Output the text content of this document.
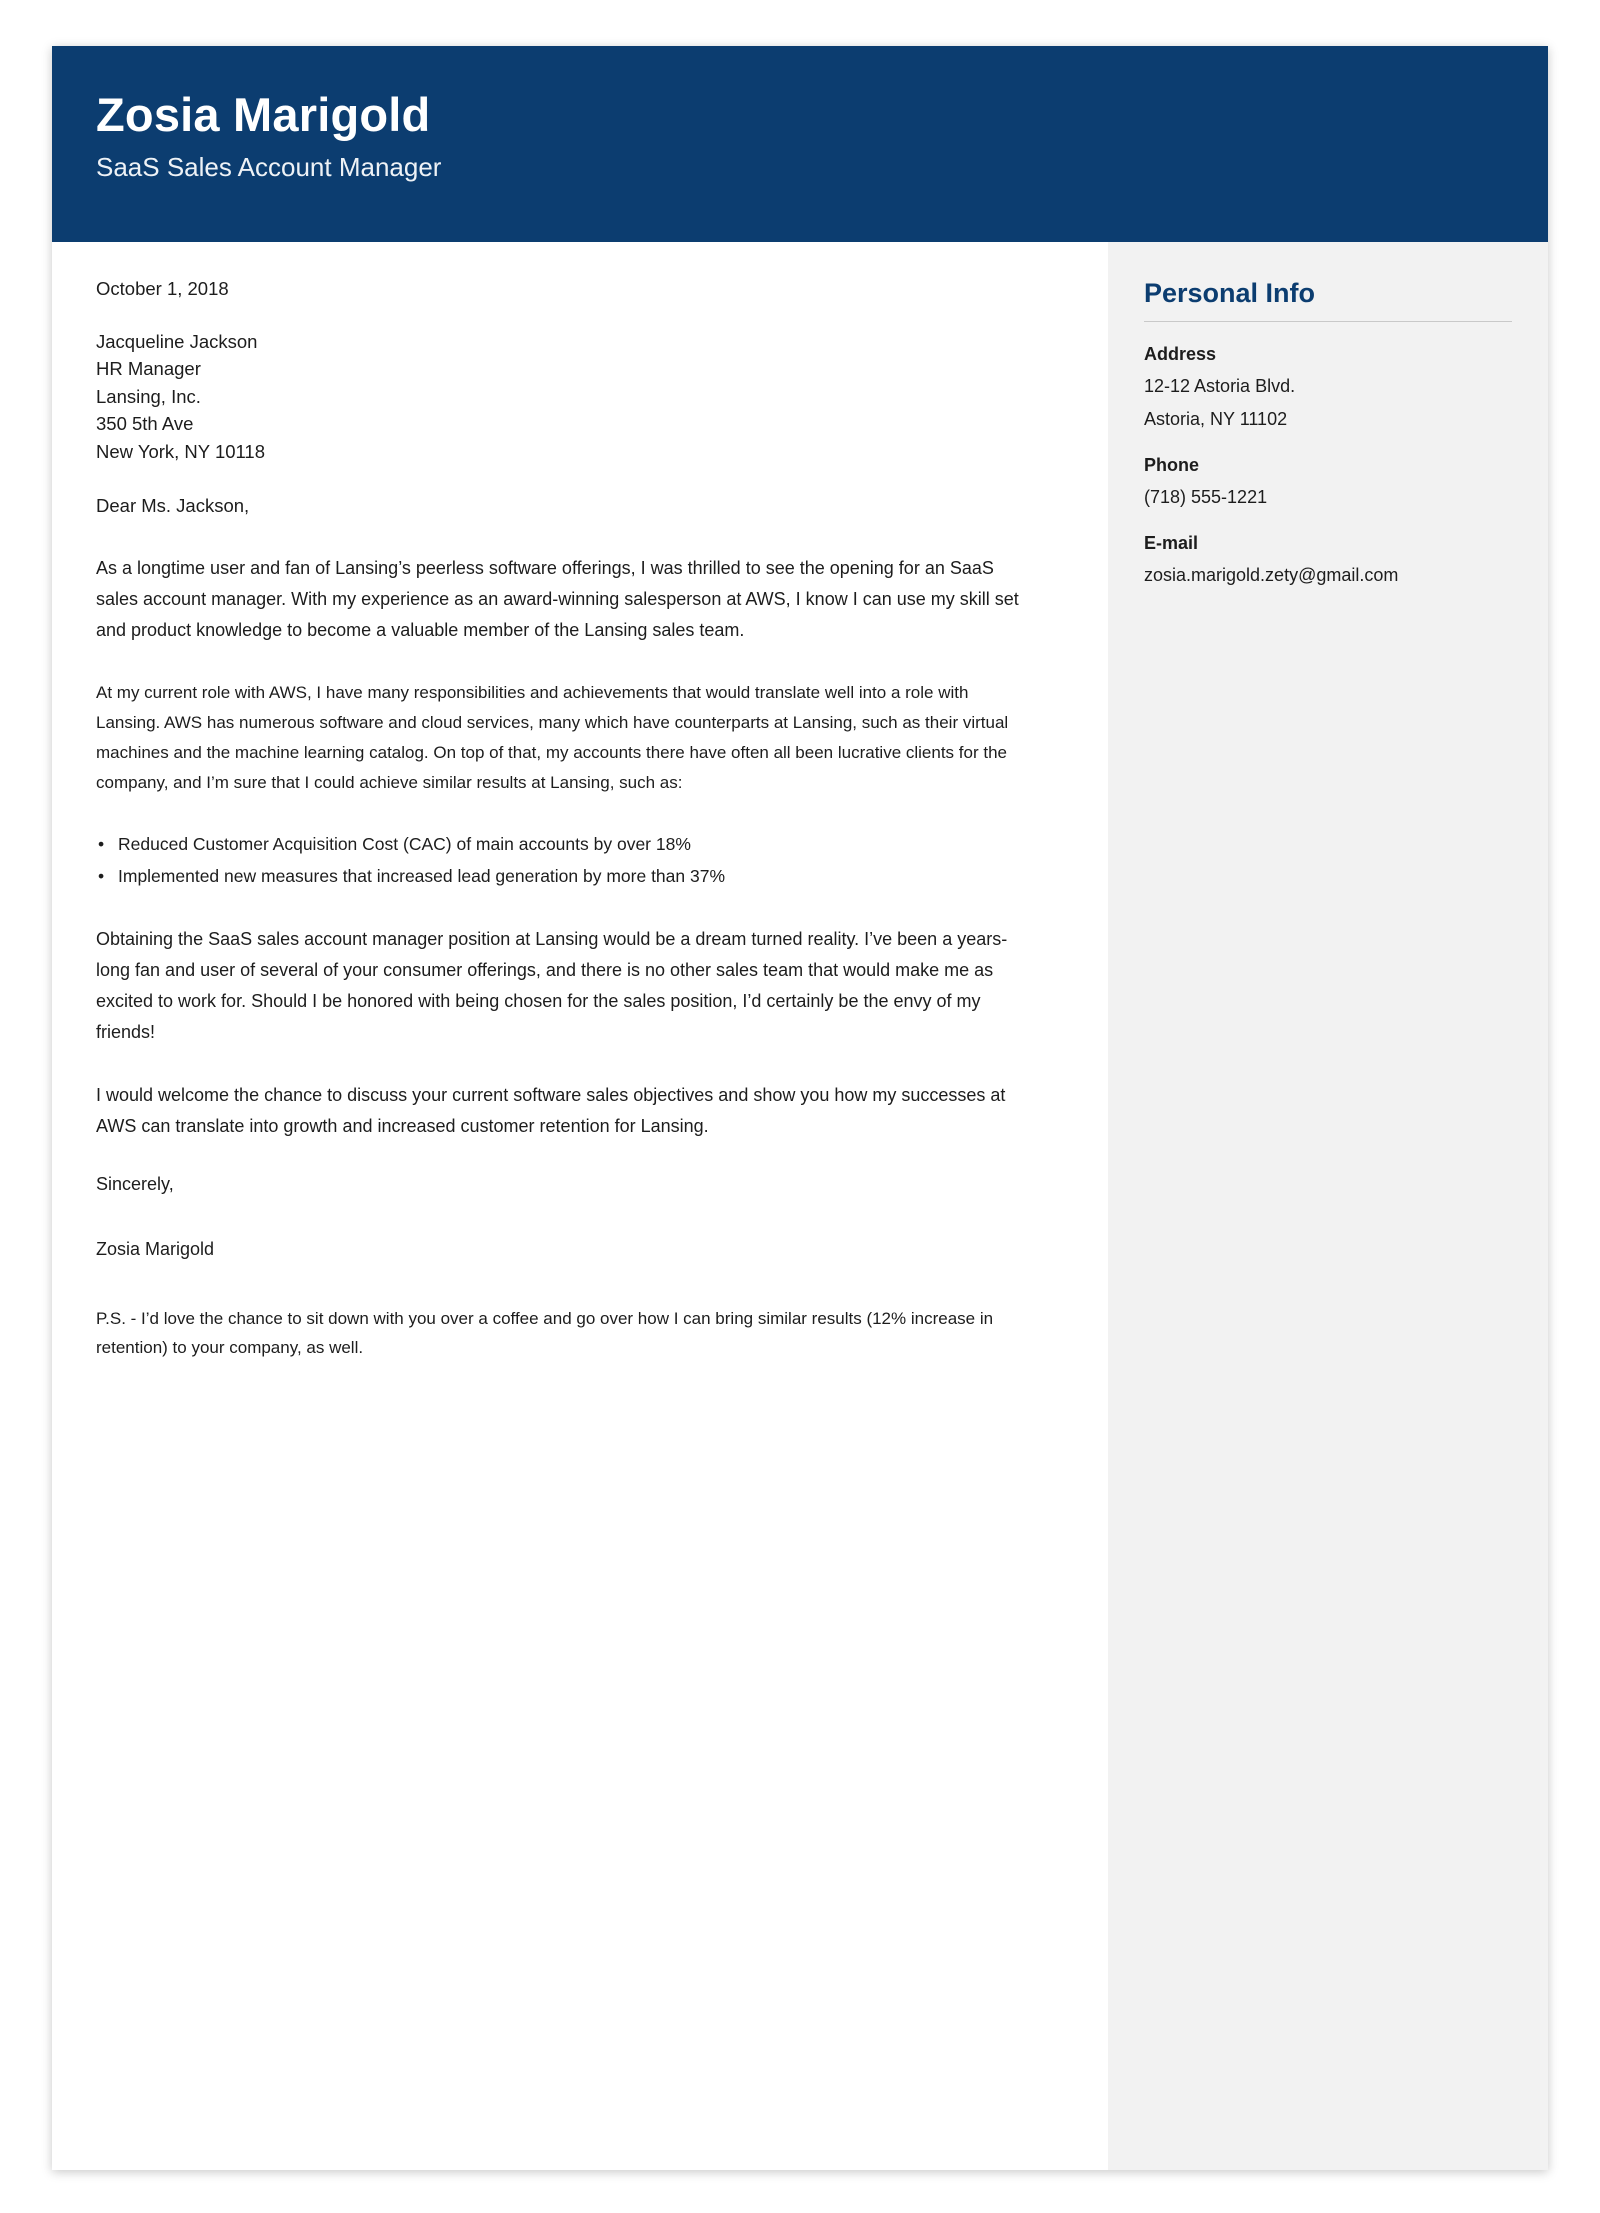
Zosia Marigold
SaaS Sales Account Manager
October 1, 2018
Jacqueline Jackson
HR Manager
Lansing, Inc.
350 5th Ave
New York, NY 10118
Dear Ms. Jackson,

As a longtime user and fan of Lansing’s peerless software offerings, I was thrilled to see the opening for an SaaS sales account manager. With my experience as an award-winning salesperson at AWS, I know I can use my skill set and product knowledge to become a valuable member of the Lansing sales team.

At my current role with AWS, I have many responsibilities and achievements that would translate well into a role with Lansing. AWS has numerous software and cloud services, many which have counterparts at Lansing, such as their virtual machines and the machine learning catalog. On top of that, my accounts there have often all been lucrative clients for the company, and I’m sure that I could achieve similar results at Lansing, such as:

• Reduced Customer Acquisition Cost (CAC) of main accounts by over 18%
• Implemented new measures that increased lead generation by more than 37%

Obtaining the SaaS sales account manager position at Lansing would be a dream turned reality. I’ve been a years-long fan and user of several of your consumer offerings, and there is no other sales team that would make me as excited to work for. Should I be honored with being chosen for the sales position, I’d certainly be the envy of my friends!

I would welcome the chance to discuss your current software sales objectives and show you how my successes at AWS can translate into growth and increased customer retention for Lansing.

Sincerely,
Zosia Marigold

P.S. - I’d love the chance to sit down with you over a coffee and go over how I can bring similar results (12% increase in retention) to your company, as well.

Personal Info
Address
12-12 Astoria Blvd.
Astoria, NY 11102
Phone
(718) 555-1221
E-mail
zosia.marigold.zety@gmail.com
